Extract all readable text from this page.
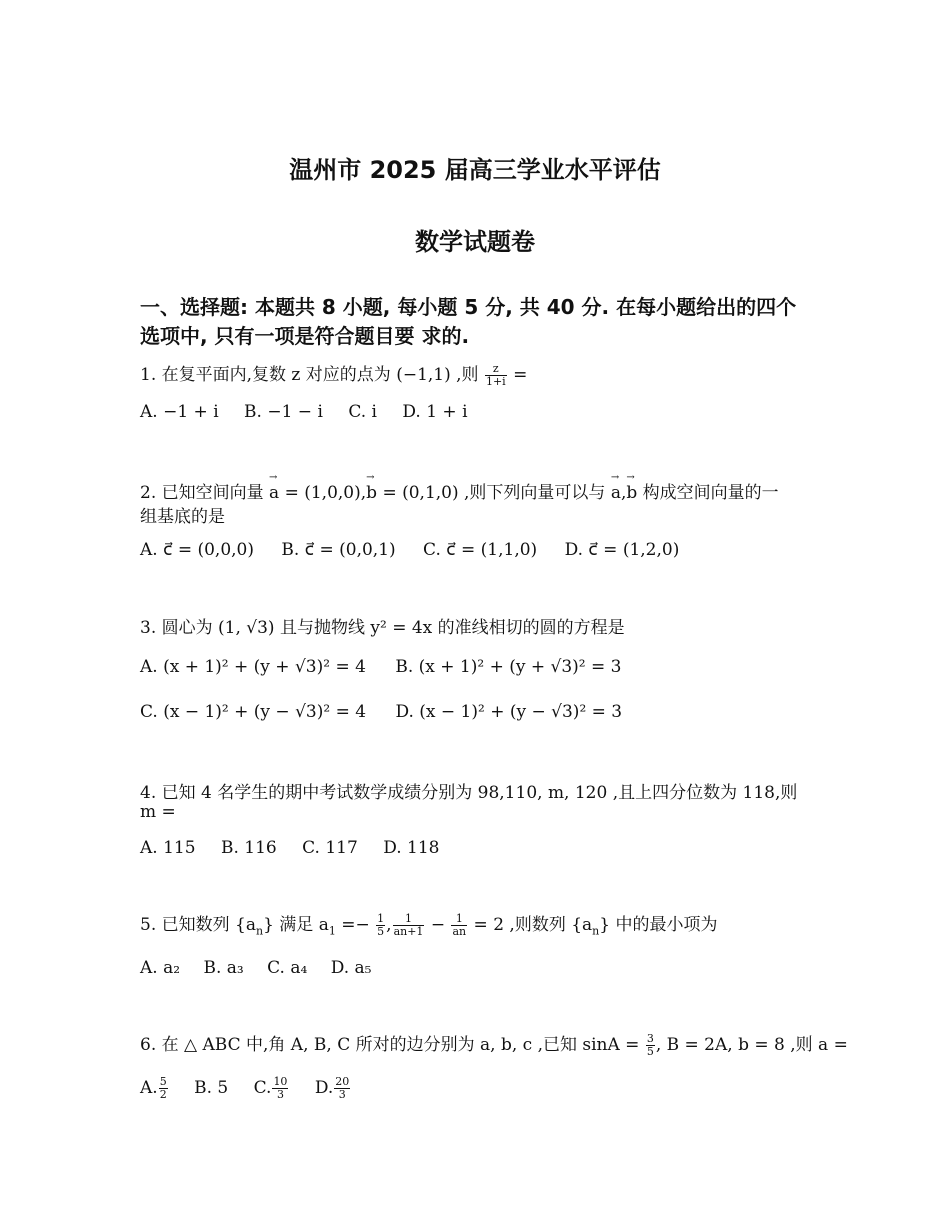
温州市 2025 届高三学业水平评估
数学试题卷
一、选择题: 本题共 8 小题, 每小题 5 分, 共 40 分. 在每小题给出的四个
选项中, 只有一项是符合题目要 求的.
1. 在复平面内,复数 z 对应的点为 (−1,1) ,则 $\frac{z}{1+i}$ =
A. −1 + i B. −1 − i C. i D. 1 + i
2. 已知空间向量 → a = (1,0,0),→ b = (0,1,0) ,则下列向量可以与 → a,→ b 构成空间向量的一
组基底的是
A. c⃗ = (0,0,0) B. c⃗ = (0,0,1) C. c⃗ = (1,1,0) D. c⃗ = (1,2,0)
3. 圆心为 (1, √3) 且与抛物线 y² = 4x 的准线相切的圆的方程是
A. (x + 1)² + (y + √3)² = 4 B. (x + 1)² + (y + √3)² = 3
C. (x − 1)² + (y − √3)² = 4 D. (x − 1)² + (y − √3)² = 3
4. 已知 4 名学生的期中考试数学成绩分别为 98,110, m, 120 ,且上四分位数为 118,则
m =
A. 115 B. 116 C. 117 D. 118
5. 已知数列 $\{a_n\}$ 满足 $a_1 =- \frac{1}{5}$ , $\frac{1}{an+1} - \frac{1}{an} = 2$ ,则数列 $\{a_n\}$ 中的最小项为
A. a₂ B. a₃ C. a₄ D. a₅
6. 在 △ ABC 中,角 A, B, C 所对的边分别为 a, b, c ,已知 $\sin A = \frac{3}{5}$ , B = 2A, b = 8 ,则 a =
A. $\frac{5}{2} B$. 5 C. $\frac{10}{3} D$. $\frac{20}{3}$
